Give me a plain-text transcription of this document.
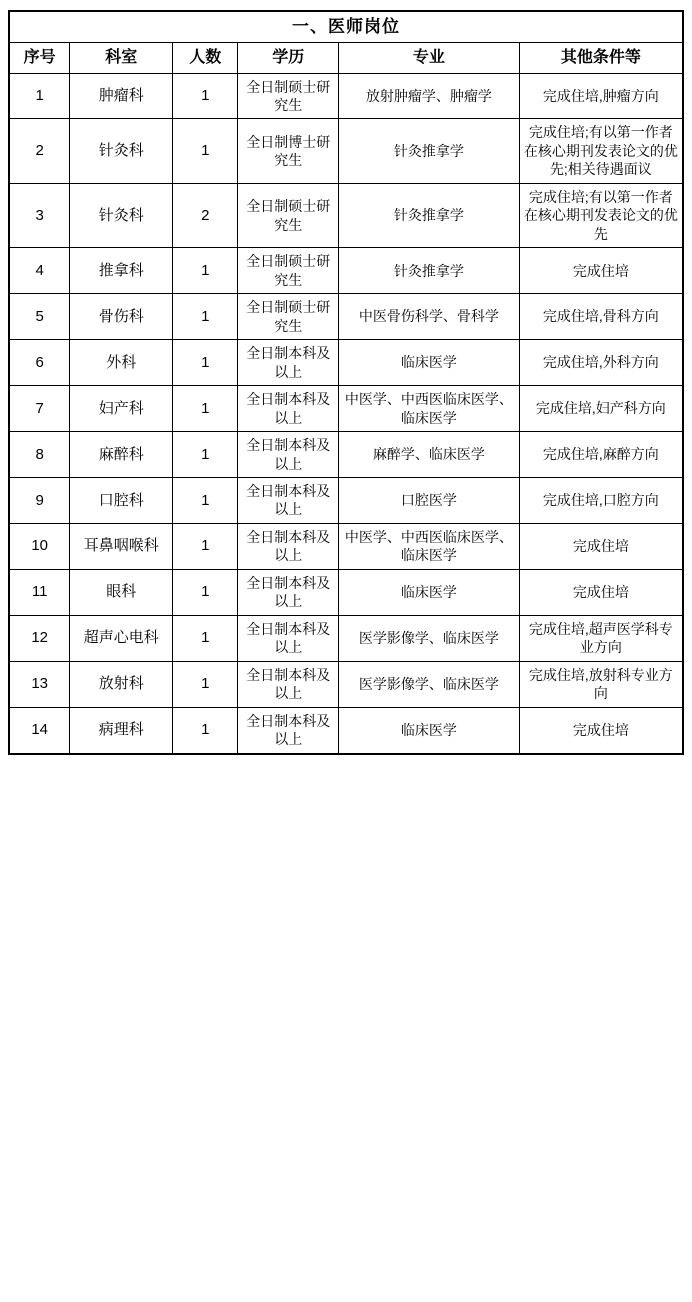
一、医师岗位					
序号	科室	人数	学历	专业	其他条件等
1	肿瘤科	1	全日制硕士研究生	放射肿瘤学、肿瘤学	完成住培,肿瘤方向
2	针灸科	1	全日制博士研究生	针灸推拿学	完成住培;有以第一作者在核心期刊发表论文的优先;相关待遇面议
3	针灸科	2	全日制硕士研究生	针灸推拿学	完成住培;有以第一作者在核心期刊发表论文的优先
4	推拿科	1	全日制硕士研究生	针灸推拿学	完成住培
5	骨伤科	1	全日制硕士研究生	中医骨伤科学、骨科学	完成住培,骨科方向
6	外科	1	全日制本科及以上	临床医学	完成住培,外科方向
7	妇产科	1	全日制本科及以上	中医学、中西医临床医学、临床医学	完成住培,妇产科方向
8	麻醉科	1	全日制本科及以上	麻醉学、临床医学	完成住培,麻醉方向
9	口腔科	1	全日制本科及以上	口腔医学	完成住培,口腔方向
10	耳鼻咽喉科	1	全日制本科及以上	中医学、中西医临床医学、临床医学	完成住培
11	眼科	1	全日制本科及以上	临床医学	完成住培
12	超声心电科	1	全日制本科及以上	医学影像学、临床医学	完成住培,超声医学科专业方向
13	放射科	1	全日制本科及以上	医学影像学、临床医学	完成住培,放射科专业方向
14	病理科	1	全日制本科及以上	临床医学	完成住培
